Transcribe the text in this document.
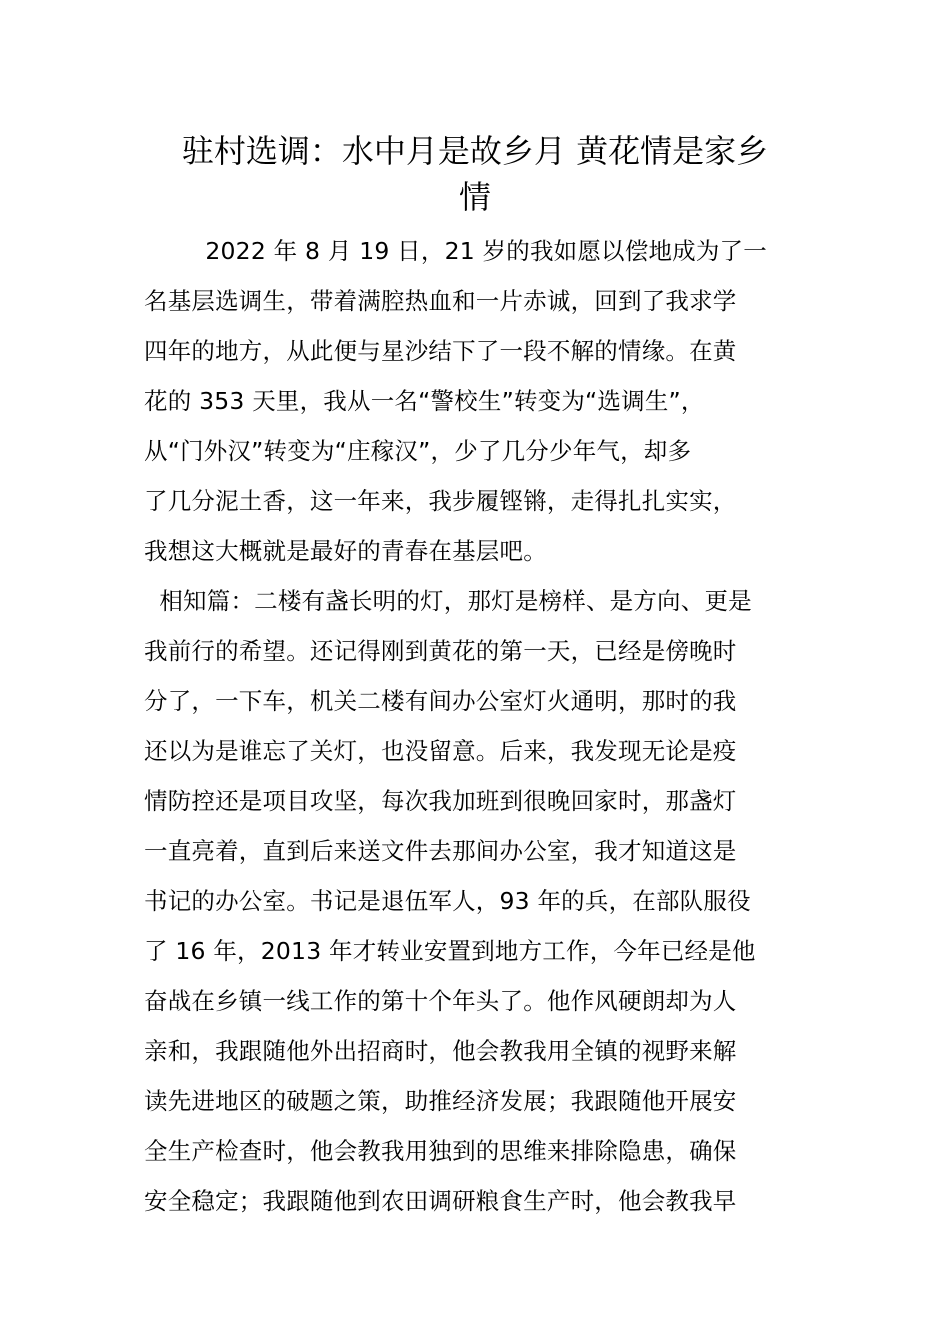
驻村选调：水中月是故乡月 黄花情是家乡
情
2022 年 8 月 19 日，21 岁的我如愿以偿地成为了一
名基层选调生，带着满腔热血和一片赤诚，回到了我求学
四年的地方，从此便与星沙结下了一段不解的情缘。在黄
花的 353 天里，我从一名“警校生”转变为“选调生”，
从“门外汉”转变为“庄稼汉”，少了几分少年气，却多
了几分泥土香，这一年来，我步履铿锵，走得扎扎实实，
我想这大概就是最好的青春在基层吧。
相知篇：二楼有盏长明的灯，那灯是榜样、是方向、更是
我前行的希望。还记得刚到黄花的第一天，已经是傍晚时
分了，一下车，机关二楼有间办公室灯火通明，那时的我
还以为是谁忘了关灯，也没留意。后来，我发现无论是疫
情防控还是项目攻坚，每次我加班到很晚回家时，那盏灯
一直亮着，直到后来送文件去那间办公室，我才知道这是
书记的办公室。书记是退伍军人，93 年的兵，在部队服役
了 16 年，2013 年才转业安置到地方工作，今年已经是他
奋战在乡镇一线工作的第十个年头了。他作风硬朗却为人
亲和，我跟随他外出招商时，他会教我用全镇的视野来解
读先进地区的破题之策，助推经济发展；我跟随他开展安
全生产检查时，他会教我用独到的思维来排除隐患，确保
安全稳定；我跟随他到农田调研粮食生产时，他会教我早
